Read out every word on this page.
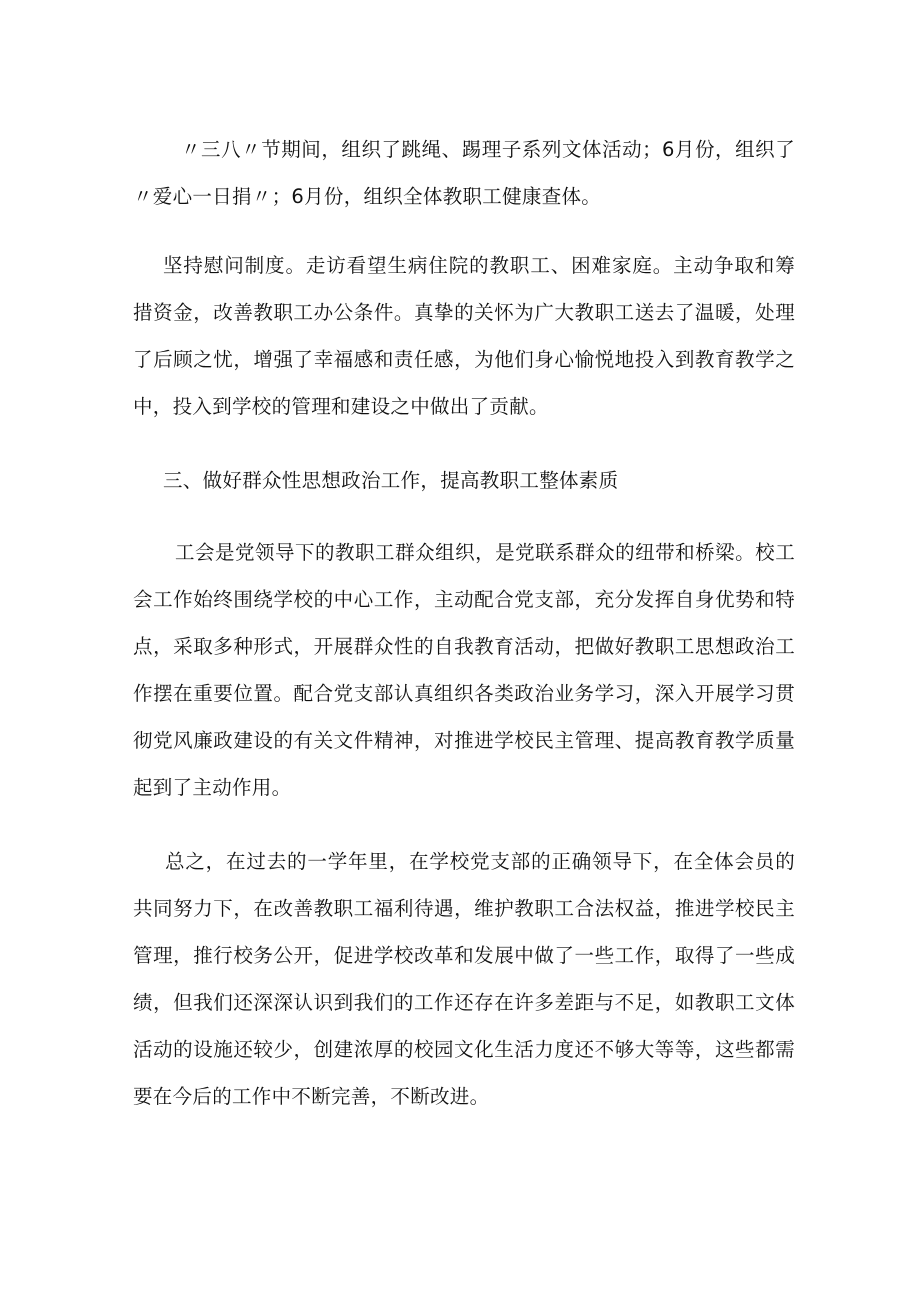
〃三八〃节期间，组织了跳绳、踢理子系列文体活动；6月份，组织了〃爱心一日捐〃；6月份，组织全体教职工健康查体。

坚持慰问制度。走访看望生病住院的教职工、困难家庭。主动争取和筹措资金，改善教职工办公条件。真挚的关怀为广大教职工送去了温暖，处理了后顾之忧，增强了幸福感和责任感，为他们身心愉悦地投入到教育教学之中，投入到学校的管理和建设之中做出了贡献。

三、做好群众性思想政治工作，提高教职工整体素质

工会是党领导下的教职工群众组织，是党联系群众的纽带和桥梁。校工会工作始终围绕学校的中心工作，主动配合党支部，充分发挥自身优势和特点，采取多种形式，开展群众性的自我教育活动，把做好教职工思想政治工作摆在重要位置。配合党支部认真组织各类政治业务学习，深入开展学习贯彻党风廉政建设的有关文件精神，对推进学校民主管理、提高教育教学质量起到了主动作用。

总之，在过去的一学年里，在学校党支部的正确领导下，在全体会员的共同努力下，在改善教职工福利待遇，维护教职工合法权益，推进学校民主管理，推行校务公开，促进学校改革和发展中做了一些工作，取得了一些成绩，但我们还深深认识到我们的工作还存在许多差距与不足，如教职工文体活动的设施还较少，创建浓厚的校园文化生活力度还不够大等等，这些都需要在今后的工作中不断完善，不断改进。
